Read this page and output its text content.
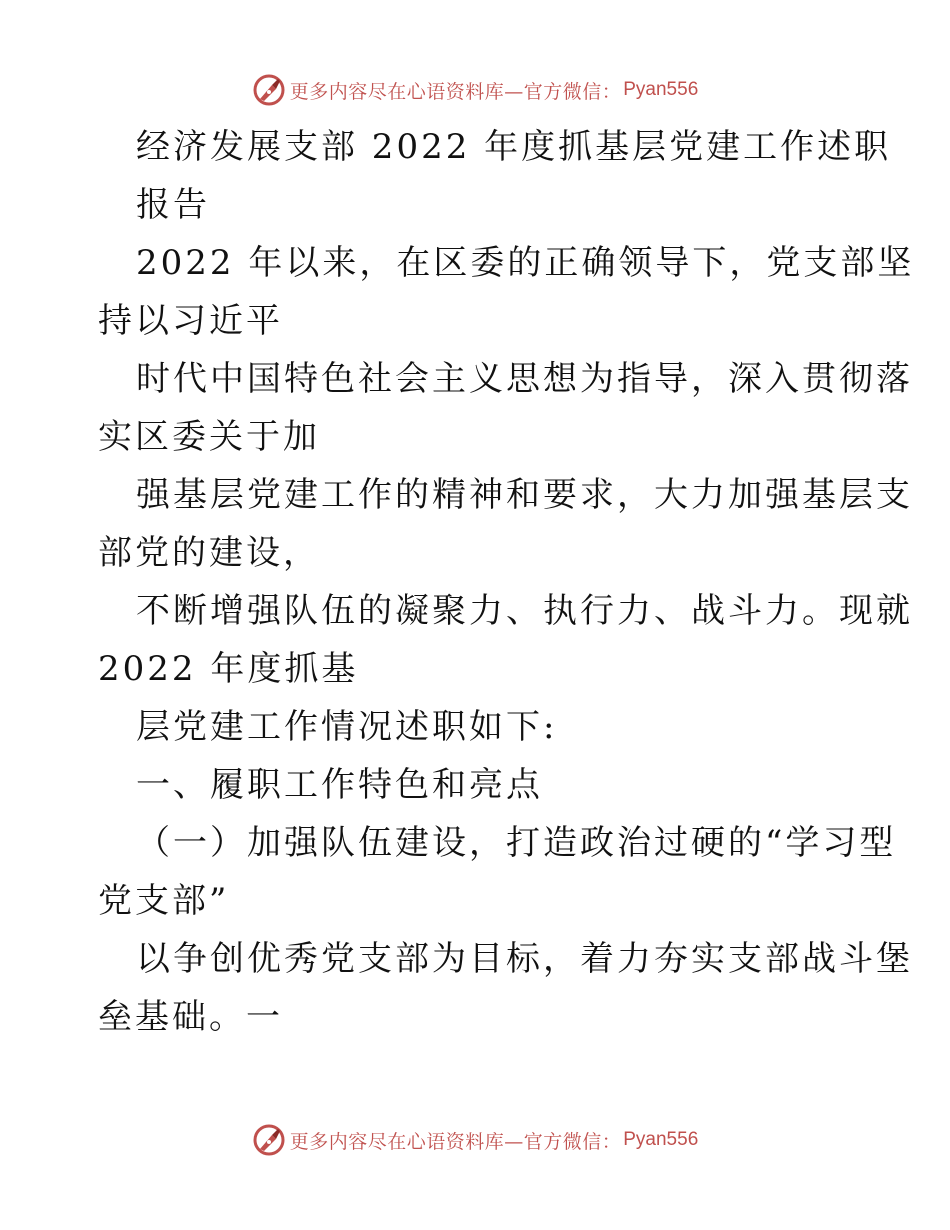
更多内容尽在心语资料库—官方微信： Pyan556
经济发展支部 2022 年度抓基层党建工作述职
报告
2022 年以来，在区委的正确领导下，党支部坚
持以习近平
时代中国特色社会主义思想为指导，深入贯彻落
实区委关于加
强基层党建工作的精神和要求，大力加强基层支
部党的建设，
不断增强队伍的凝聚力、执行力、战斗力。现就
2022 年度抓基
层党建工作情况述职如下:
一、履职工作特色和亮点
（一）加强队伍建设，打造政治过硬的“学习型
党支部”
以争创优秀党支部为目标，着力夯实支部战斗堡
垒基础。一
更多内容尽在心语资料库—官方微信： Pyan556
